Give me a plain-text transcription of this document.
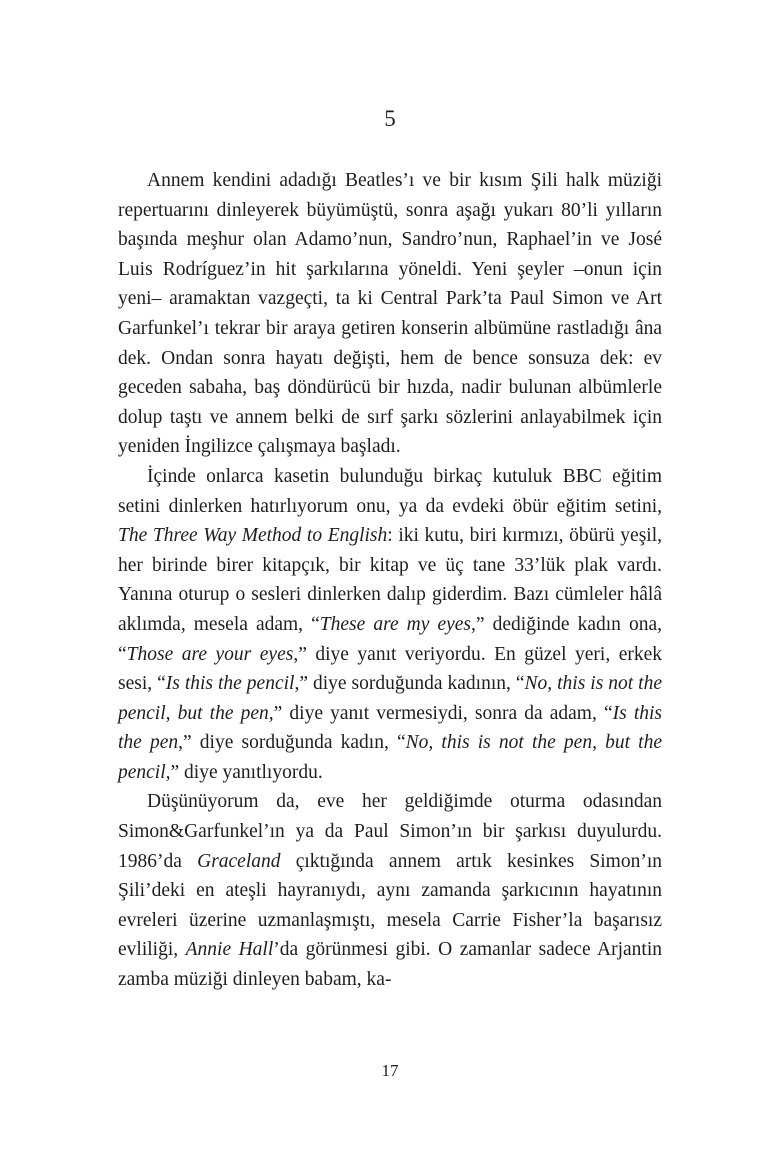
5

Annem kendini adadığı Beatles’ı ve bir kısım Şili halk müziği repertuarını dinleyerek büyümüştü, sonra aşağı yukarı 80’li yılların başında meşhur olan Adamo’nun, Sandro’nun, Raphael’in ve José Luis Rodríguez’in hit şarkılarına yöneldi. Yeni şeyler –onun için yeni– aramaktan vazgeçti, ta ki Central Park’ta Paul Simon ve Art Garfunkel’ı tekrar bir araya getiren konserin albümüne rastladığı âna dek. Ondan sonra hayatı değişti, hem de bence sonsuza dek: ev geceden sabaha, baş döndürücü bir hızda, nadir bulunan albümlerle dolup taştı ve annem belki de sırf şarkı sözlerini anlayabilmek için yeniden İngilizce çalışmaya başladı.

İçinde onlarca kasetin bulunduğu birkaç kutuluk BBC eğitim setini dinlerken hatırlıyorum onu, ya da evdeki öbür eğitim setini, The Three Way Method to English: iki kutu, biri kırmızı, öbürü yeşil, her birinde birer kitapçık, bir kitap ve üç tane 33’lük plak vardı. Yanına oturup o sesleri dinlerken dalıp giderdim. Bazı cümleler hâlâ aklımda, mesela adam, “These are my eyes,” dediğinde kadın ona, “Those are your eyes,” diye yanıt veriyordu. En güzel yeri, erkek sesi, “Is this the pencil,” diye sorduğunda kadının, “No, this is not the pencil, but the pen,” diye yanıt vermesiydi, sonra da adam, “Is this the pen,” diye sorduğunda kadın, “No, this is not the pen, but the pencil,” diye yanıtlıyordu.

Düşünüyorum da, eve her geldiğimde oturma odasından Simon&Garfunkel’ın ya da Paul Simon’ın bir şarkısı duyulurdu. 1986’da Graceland çıktığında annem artık kesinkes Simon’ın Şili’deki en ateşli hayranıydı, aynı zamanda şarkıcının hayatının evreleri üzerine uzmanlaşmıştı, mesela Carrie Fisher’la başarısız evliliği, Annie Hall’da görünmesi gibi. O zamanlar sadece Arjantin zamba müziği dinleyen babam, ka-

17
